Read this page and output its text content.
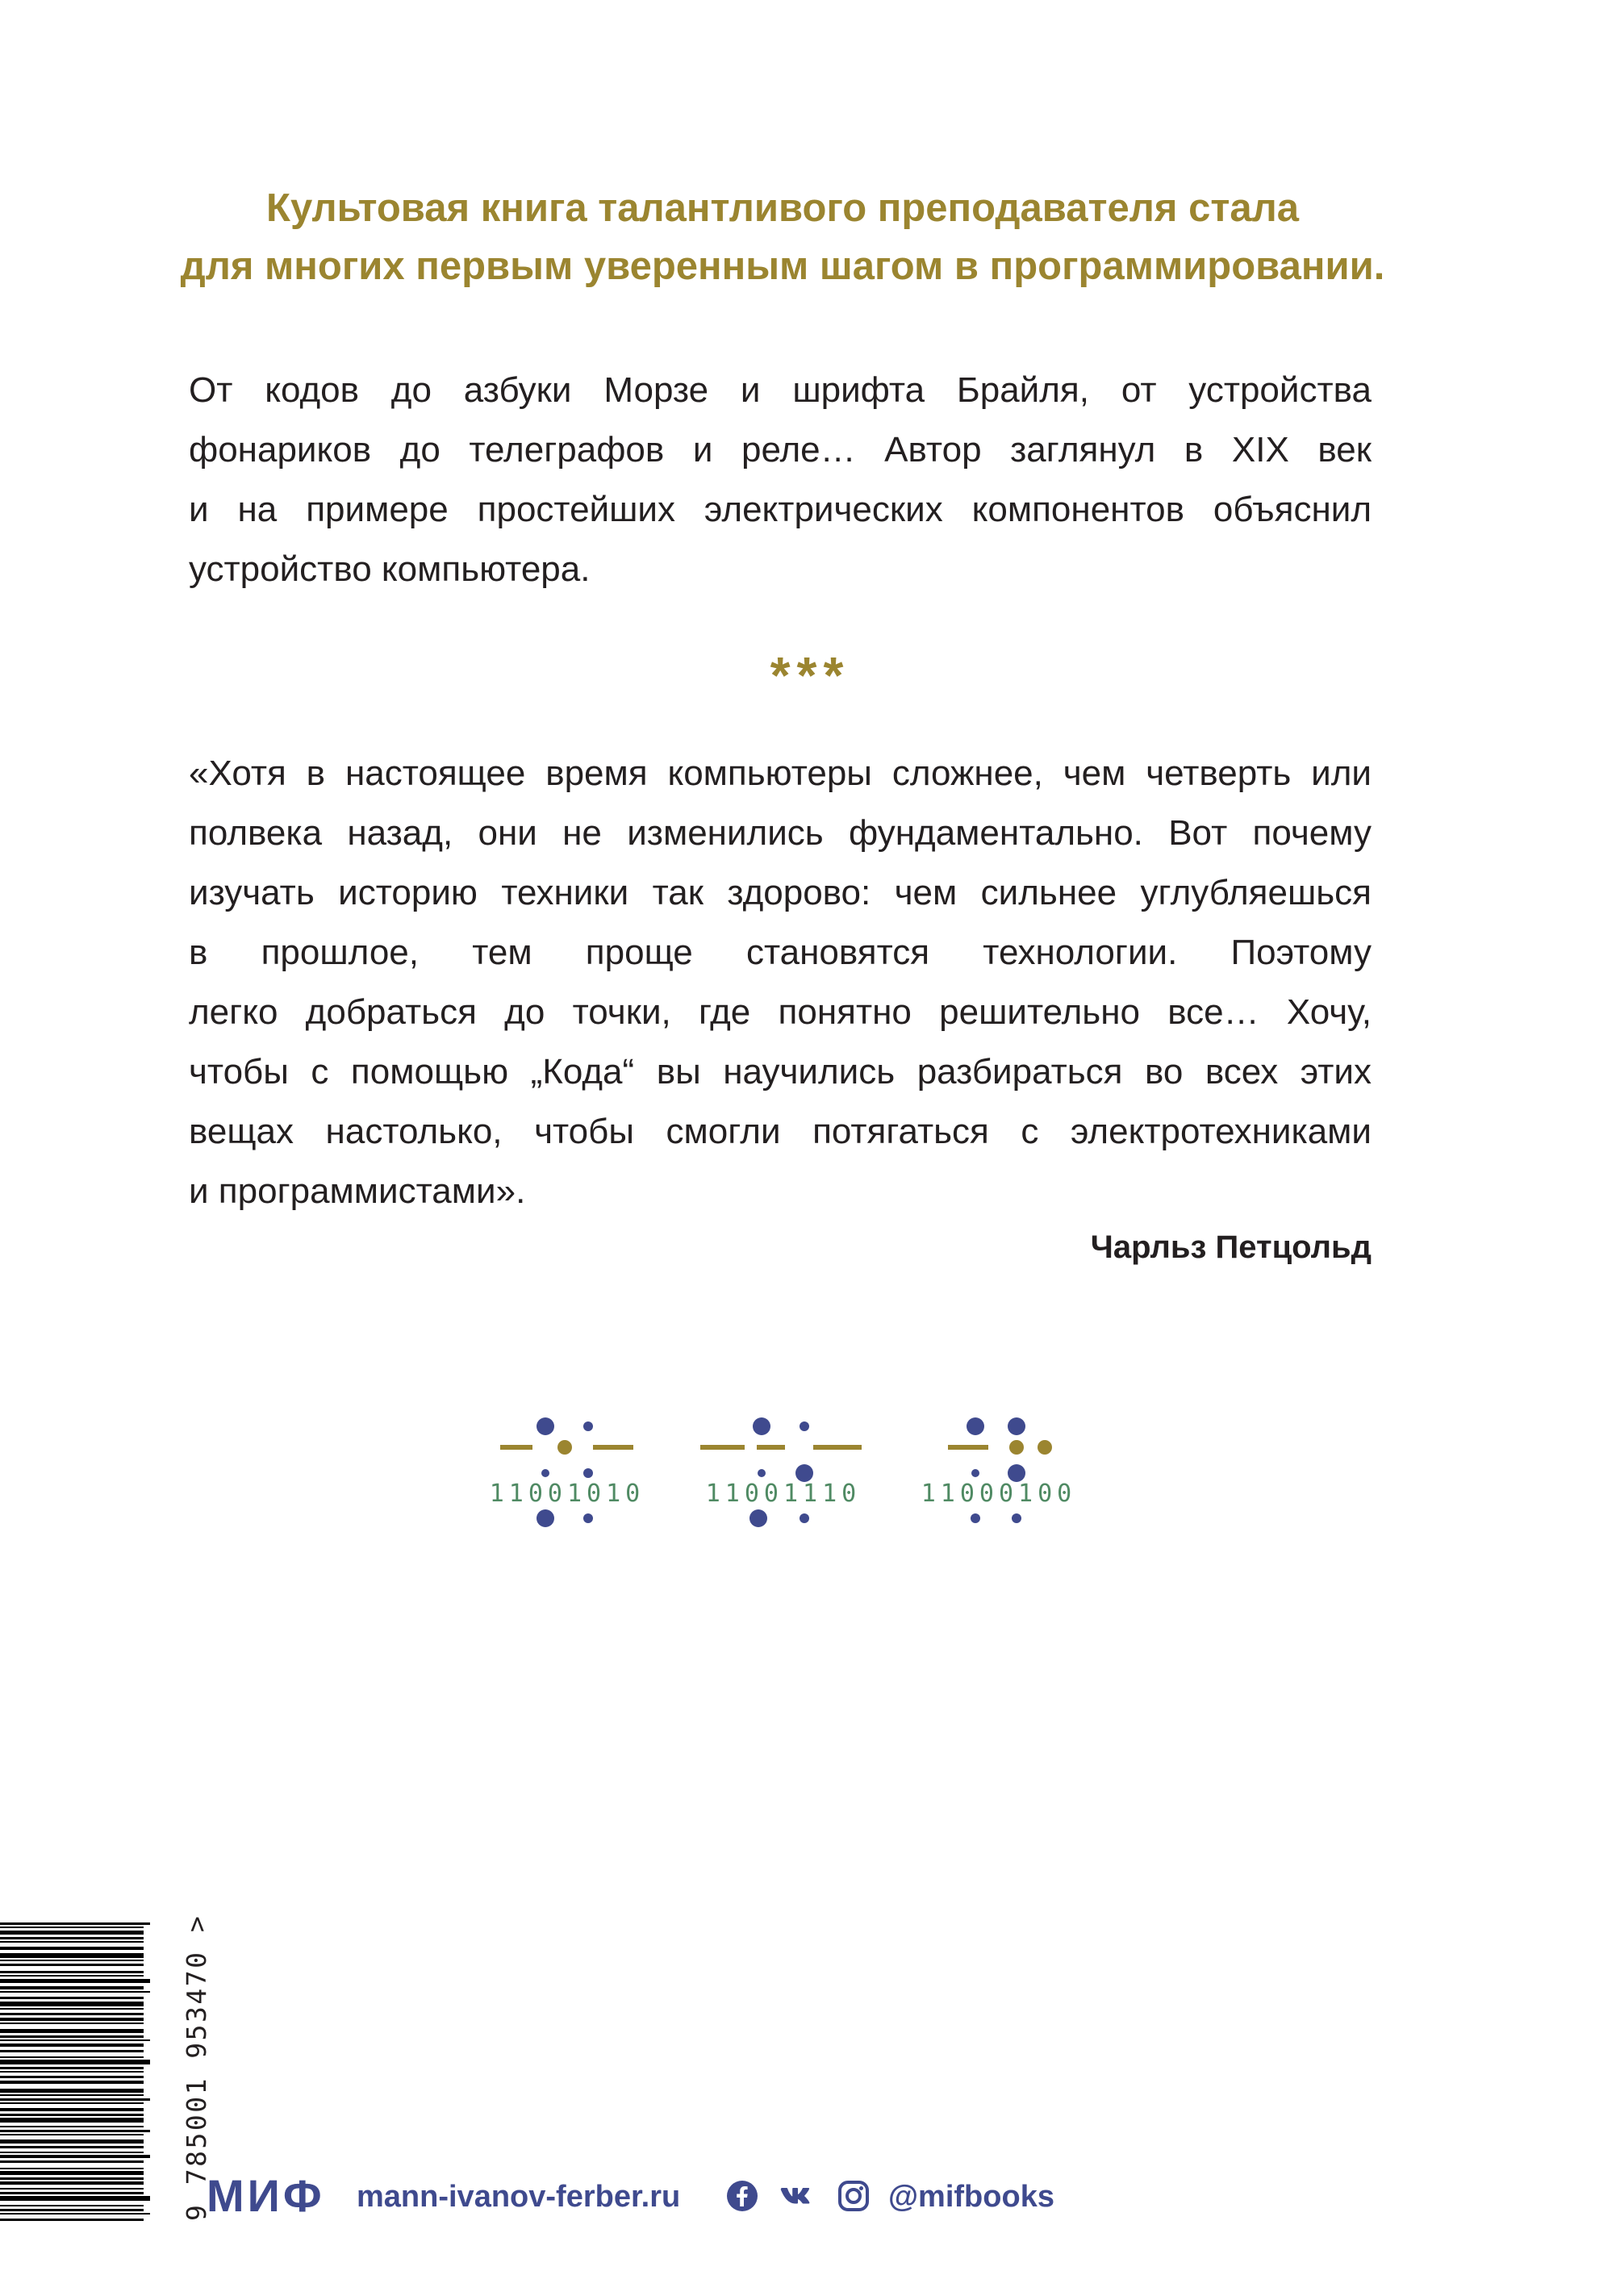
Культовая книга талантливого преподавателя стала
для многих первым уверенным шагом в программировании.
От кодов до азбуки Морзе и шрифта Брайля, от устройства
фонариков до телеграфов и реле… Автор заглянул в XIX век
и на примере простейших электрических компонентов объяснил
устройство компьютера.
***
«Хотя в настоящее время компьютеры сложнее, чем четверть или
полвека назад, они не изменились фундаментально. Вот почему
изучать историю техники так здорово: чем сильнее углубляешься
в прошлое, тем проще становятся технологии. Поэтому
легко добраться до точки, где понятно решительно все… Хочу,
чтобы с помощью „Кода“ вы научились разбираться во всех этих
вещах настолько, чтобы смогли потягаться с электротехниками
и программистами».
Чарльз Петцольд
11001010	11001110 11000100
9 785001 953470 >
МИФ mann-ivanov-ferber.ru	@mifbooks
